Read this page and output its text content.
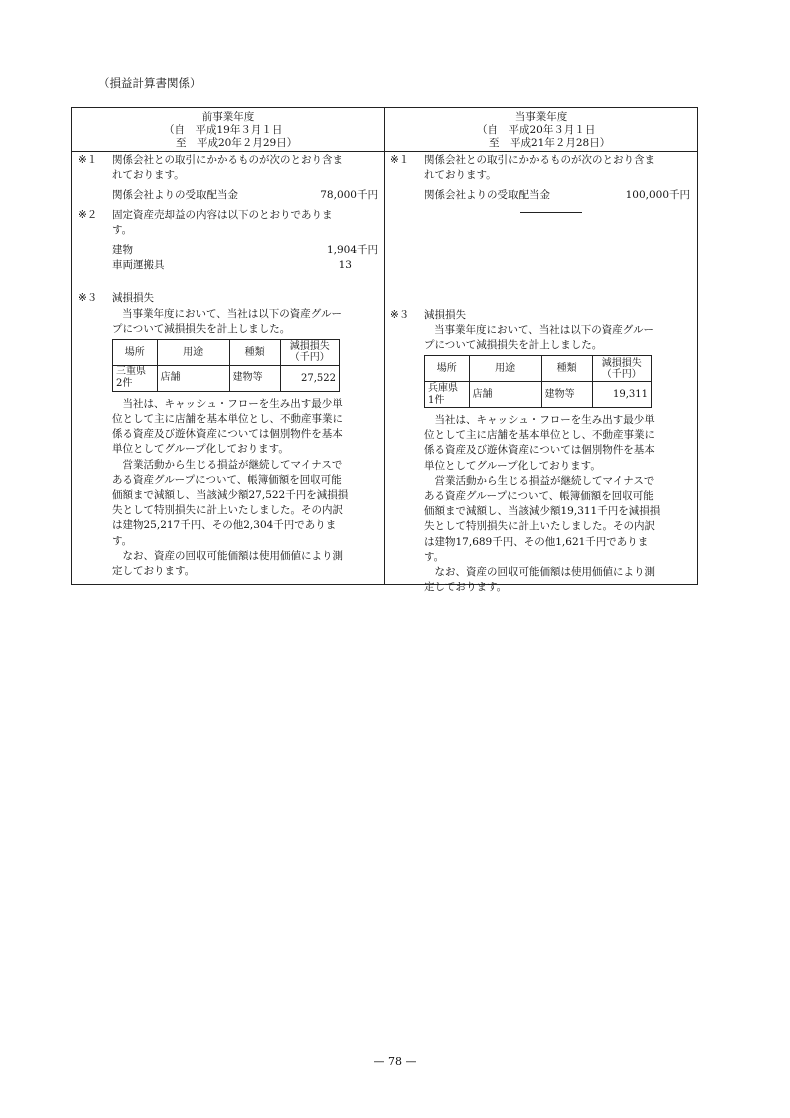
（損益計算書関係）
前事業年度
（自　平成19年３月１日
至　平成20年２月29日）
当事業年度
（自　平成20年３月１日
至　平成21年２月28日）
※１ 関係会社との取引にかかるものが次のとおり含ま
れております。
関係会社よりの受取配当金	78,000千円
※２ 固定資産売却益の内容は以下のとおりでありま
す。
建物	1,904千円
車両運搬具	13
※３ 減損損失
当事業年度において、当社は以下の資産グルー
プについて減損損失を計上しました。
場所	用途	種類	減損損失
（千円）
三重県
2件	店舗	建物等	27,522
　当社は、キャッシュ・フローを生み出す最少単
位として主に店舗を基本単位とし、不動産事業に
係る資産及び遊休資産については個別物件を基本
単位としてグループ化しております。
　営業活動から生じる損益が継続してマイナスで
ある資産グループについて、帳簿価額を回収可能
価額まで減額し、当該減少額27,522千円を減損損
失として特別損失に計上いたしました。その内訳
は建物25,217千円、その他2,304千円でありま
す。
　なお、資産の回収可能価額は使用価値により測
定しております。
※１ 関係会社との取引にかかるものが次のとおり含ま
れております。
関係会社よりの受取配当金	100,000千円
※３ 減損損失
当事業年度において、当社は以下の資産グルー
プについて減損損失を計上しました。
場所	用途	種類	減損損失
（千円）
兵庫県
1件	店舗	建物等	19,311
　当社は、キャッシュ・フローを生み出す最少単
位として主に店舗を基本単位とし、不動産事業に
係る資産及び遊休資産については個別物件を基本
単位としてグループ化しております。
　営業活動から生じる損益が継続してマイナスで
ある資産グループについて、帳簿価額を回収可能
価額まで減額し、当該減少額19,311千円を減損損
失として特別損失に計上いたしました。その内訳
は建物17,689千円、その他1,621千円でありま
す。
　なお、資産の回収可能価額は使用価値により測
定しております。
— 78 —
